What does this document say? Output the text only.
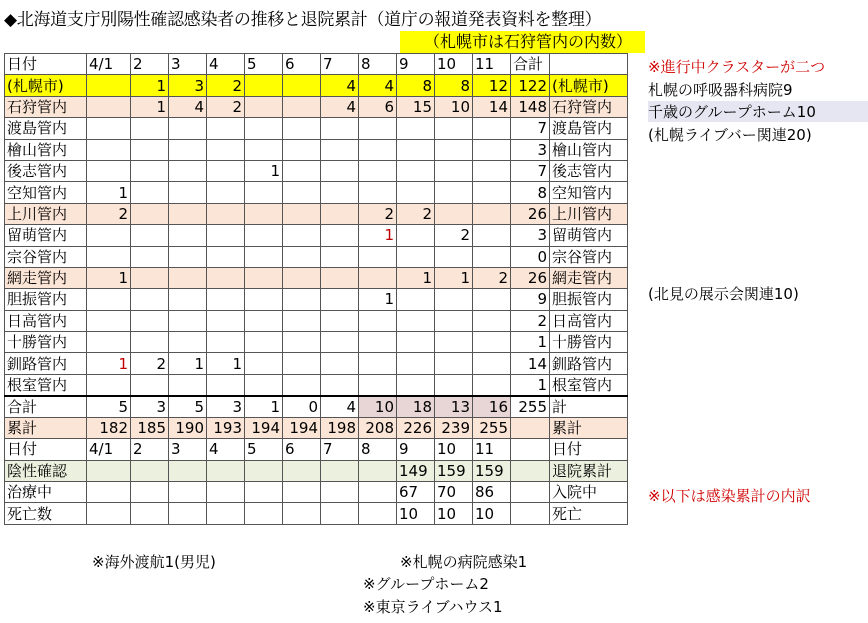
◆北海道支庁別陽性確認感染者の推移と退院累計（道庁の報道発表資料を整理）
（札幌市は石狩管内の内数）
日付	4/1	2	3	4	5	6	7	8	9	10	11	合計	
(札幌市)		1	3	2			4	4	8	8	12	122	(札幌市)
石狩管内		1	4	2			4	6	15	10	14	148	石狩管内
渡島管内												7	渡島管内
檜山管内												3	檜山管内
後志管内					1							7	後志管内
空知管内	1											8	空知管内
上川管内	2							2	2			26	上川管内
留萌管内								1		2		3	留萌管内
宗谷管内												0	宗谷管内
網走管内	1								1	1	2	26	網走管内
胆振管内								1				9	胆振管内
日高管内												2	日高管内
十勝管内												1	十勝管内
釧路管内	1	2	1	1								14	釧路管内
根室管内												1	根室管内
合計	5	3	5	3	1	0	4	10	18	13	16	255	計
累計	182	185	190	193	194	194	198	208	226	239	255		累計
日付	4/1	2	3	4	5	6	7	8	9	10	11		日付
陰性確認									149	159	159		退院累計
治療中									67	70	86		入院中
死亡数									10	10	10		死亡
※進行中クラスターが二つ
札幌の呼吸器科病院9
千歳のグループホーム10
(札幌ライブバー関連20)
(北見の展示会関連10)
※以下は感染累計の内訳
※海外渡航1(男児)	※札幌の病院感染1
※グループホーム2
※東京ライブハウス1
